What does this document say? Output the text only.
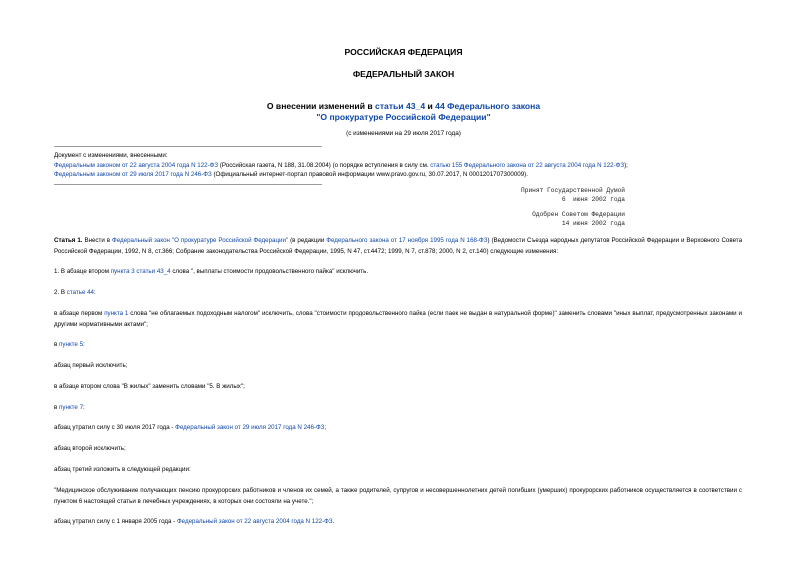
РОССИЙСКАЯ ФЕДЕРАЦИЯ
ФЕДЕРАЛЬНЫЙ ЗАКОН
О внесении изменений в статьи 43_4 и 44 Федерального закона
"О прокуратуре Российской Федерации"
(с изменениями на 29 июля 2017 года)
Документ с изменениями, внесенными:
Федеральным законом от 22 августа 2004 года N 122-ФЗ (Российская газета, N 188, 31.08.2004) (о порядке вступления в силу см. статью 155 Федерального закона от 22 августа 2004 года N 122-ФЗ);
Федеральным законом от 29 июля 2017 года N 246-ФЗ (Официальный интернет-портал правовой информации www.pravo.gov.ru, 30.07.2017, N 0001201707300009).
Принят Государственной Думой
6  июня 2002 года
Одобрен Советом Федерации
14 июня 2002 года
Статья 1. Внести в Федеральный закон "О прокуратуре Российской Федерации" (в редакции Федерального закона от 17 ноября 1995 года N 168-ФЗ) (Ведомости Съезда народных депутатов Российской Федерации и Верховного Совета Российской Федерации, 1992, N 8, ст.366; Собрание законодательства Российской Федерации, 1995, N 47, ст.4472; 1999, N 7, ст.878; 2000, N 2, ст.140) следующие изменения:
1. В абзаце втором пункта 3 статьи 43_4 слова ", выплаты стоимости продовольственного пайка" исключить.
2. В статье 44:
в абзаце первом пункта 1 слова "не облагаемых подоходным налогом" исключить, слова "стоимости продовольственного пайка (если паек не выдан в натуральной форме)" заменить словами "иных выплат, предусмотренных законами и другими нормативными актами";
в пункте 5:
абзац первый исключить;
в абзаце втором слова "В жилых" заменить словами "5. В жилых";
в пункте 7:
абзац утратил силу с 30 июля 2017 года - Федеральный закон от 29 июля 2017 года N 246-ФЗ;
абзац второй исключить;
абзац третий изложить в следующей редакции:
"Медицинское обслуживание получающих пенсию прокурорских работников и членов их семей, а также родителей, супругов и несовершеннолетних детей погибших (умерших) прокурорских работников осуществляется в соответствии с пунктом 6 настоящей статьи в лечебных учреждениях, в которых они состояли на учете.";
абзац утратил силу с 1 января 2005 года - Федеральный закон от 22 августа 2004 года N 122-ФЗ.
